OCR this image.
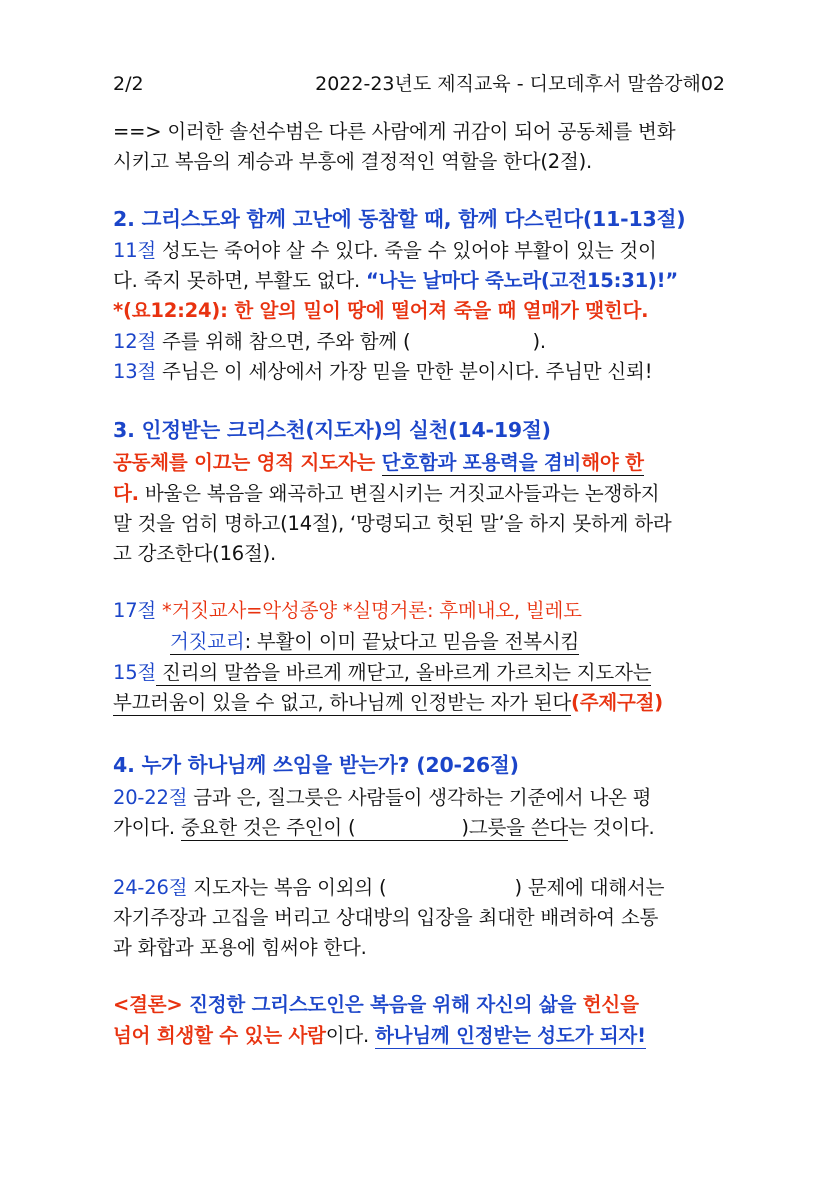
2/2	2022-23년도 제직교육 - 디모데후서 말씀강해02
==> 이러한 솔선수범은 다른 사람에게 귀감이 되어 공동체를 변화
시키고 복음의 계승과 부흥에 결정적인 역할을 한다(2절).
2. 그리스도와 함께 고난에 동참할 때, 함께 다스린다(11-13절)
11절 성도는 죽어야 살 수 있다. 죽을 수 있어야 부활이 있는 것이
다. 죽지 못하면, 부활도 없다. “나는 날마다 죽노라(고전15:31)!”
*(요12:24): 한 알의 밀이 땅에 떨어져 죽을 때 열매가 맺힌다.
12절 주를 위해 참으면, 주와 함께 (	).
13절 주님은 이 세상에서 가장 믿을 만한 분이시다. 주님만 신뢰!
3. 인정받는 크리스천(지도자)의 실천(14-19절)
공동체를 이끄는 영적 지도자는 단호함과 포용력을 겸비해야 한
다. 바울은 복음을 왜곡하고 변질시키는 거짓교사들과는 논쟁하지
말 것을 엄히 명하고(14절), ‘망령되고 헛된 말’을 하지 못하게 하라
고 강조한다(16절).
17절 *거짓교사=악성종양 *실명거론: 후메내오, 빌레도
거짓교리: 부활이 이미 끝났다고 믿음을 전복시킴
15절 진리의 말씀을 바르게 깨닫고, 올바르게 가르치는 지도자는
부끄러움이 있을 수 없고, 하나님께 인정받는 자가 된다(주제구절)
4. 누가 하나님께 쓰임을 받는가? (20-26절)
20-22절 금과 은, 질그릇은 사람들이 생각하는 기준에서 나온 평
가이다. 중요한 것은 주인이 (	)그릇을 쓴다는 것이다.
24-26절 지도자는 복음 이외의 (	) 문제에 대해서는
자기주장과 고집을 버리고 상대방의 입장을 최대한 배려하여 소통
과 화합과 포용에 힘써야 한다.
<결론> 진정한 그리스도인은 복음을 위해 자신의 삶을 헌신을
넘어 희생할 수 있는 사람이다. 하나님께 인정받는 성도가 되자!
